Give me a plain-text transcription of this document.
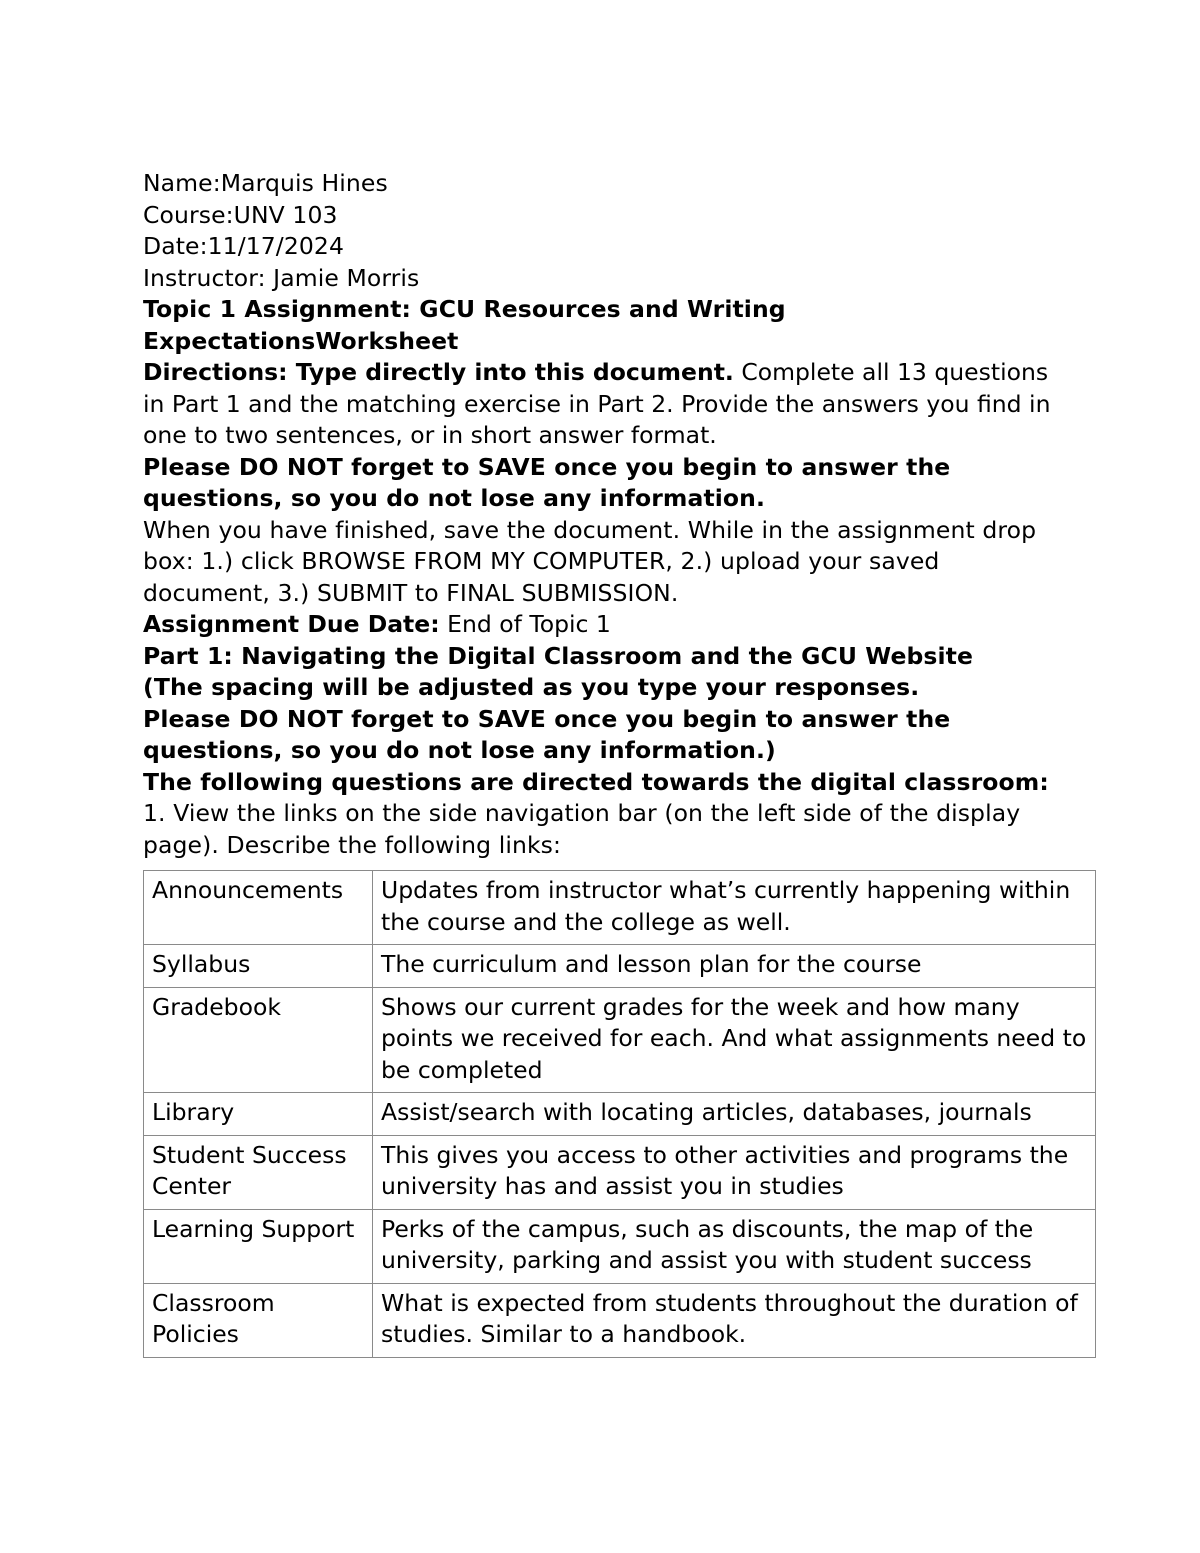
Name:Marquis Hines

Course:UNV 103

Date:11/17/2024

Instructor: Jamie Morris

Topic 1 Assignment: GCU Resources and Writing

ExpectationsWorksheet

Directions: Type directly into this document. Complete all 13 questions in Part 1 and the matching exercise in Part 2. Provide the answers you find in one to two sentences, or in short answer format.

Please DO NOT forget to SAVE once you begin to answer the questions, so you do not lose any information.

When you have finished, save the document. While in the assignment drop box: 1.) click BROWSE FROM MY COMPUTER, 2.) upload your saved document, 3.) SUBMIT to FINAL SUBMISSION.

Assignment Due Date: End of Topic 1

Part 1: Navigating the Digital Classroom and the GCU Website

(The spacing will be adjusted as you type your responses.

Please DO NOT forget to SAVE once you begin to answer the questions, so you do not lose any information.)

The following questions are directed towards the digital classroom:

1. View the links on the side navigation bar (on the left side of the display page). Describe the following links:

Announcements	Updates from instructor what’s currently happening within the course and the college as well.
Syllabus	The curriculum and lesson plan for the course
Gradebook	Shows our current grades for the week and how many points we received for each. And what assignments need to be completed
Library	Assist/search with locating articles, databases, journals
Student Success Center	This gives you access to other activities and programs the university has and assist you in studies
Learning Support	Perks of the campus, such as discounts, the map of the university, parking and assist you with student success
Classroom Policies	What is expected from students throughout the duration of studies. Similar to a handbook.
